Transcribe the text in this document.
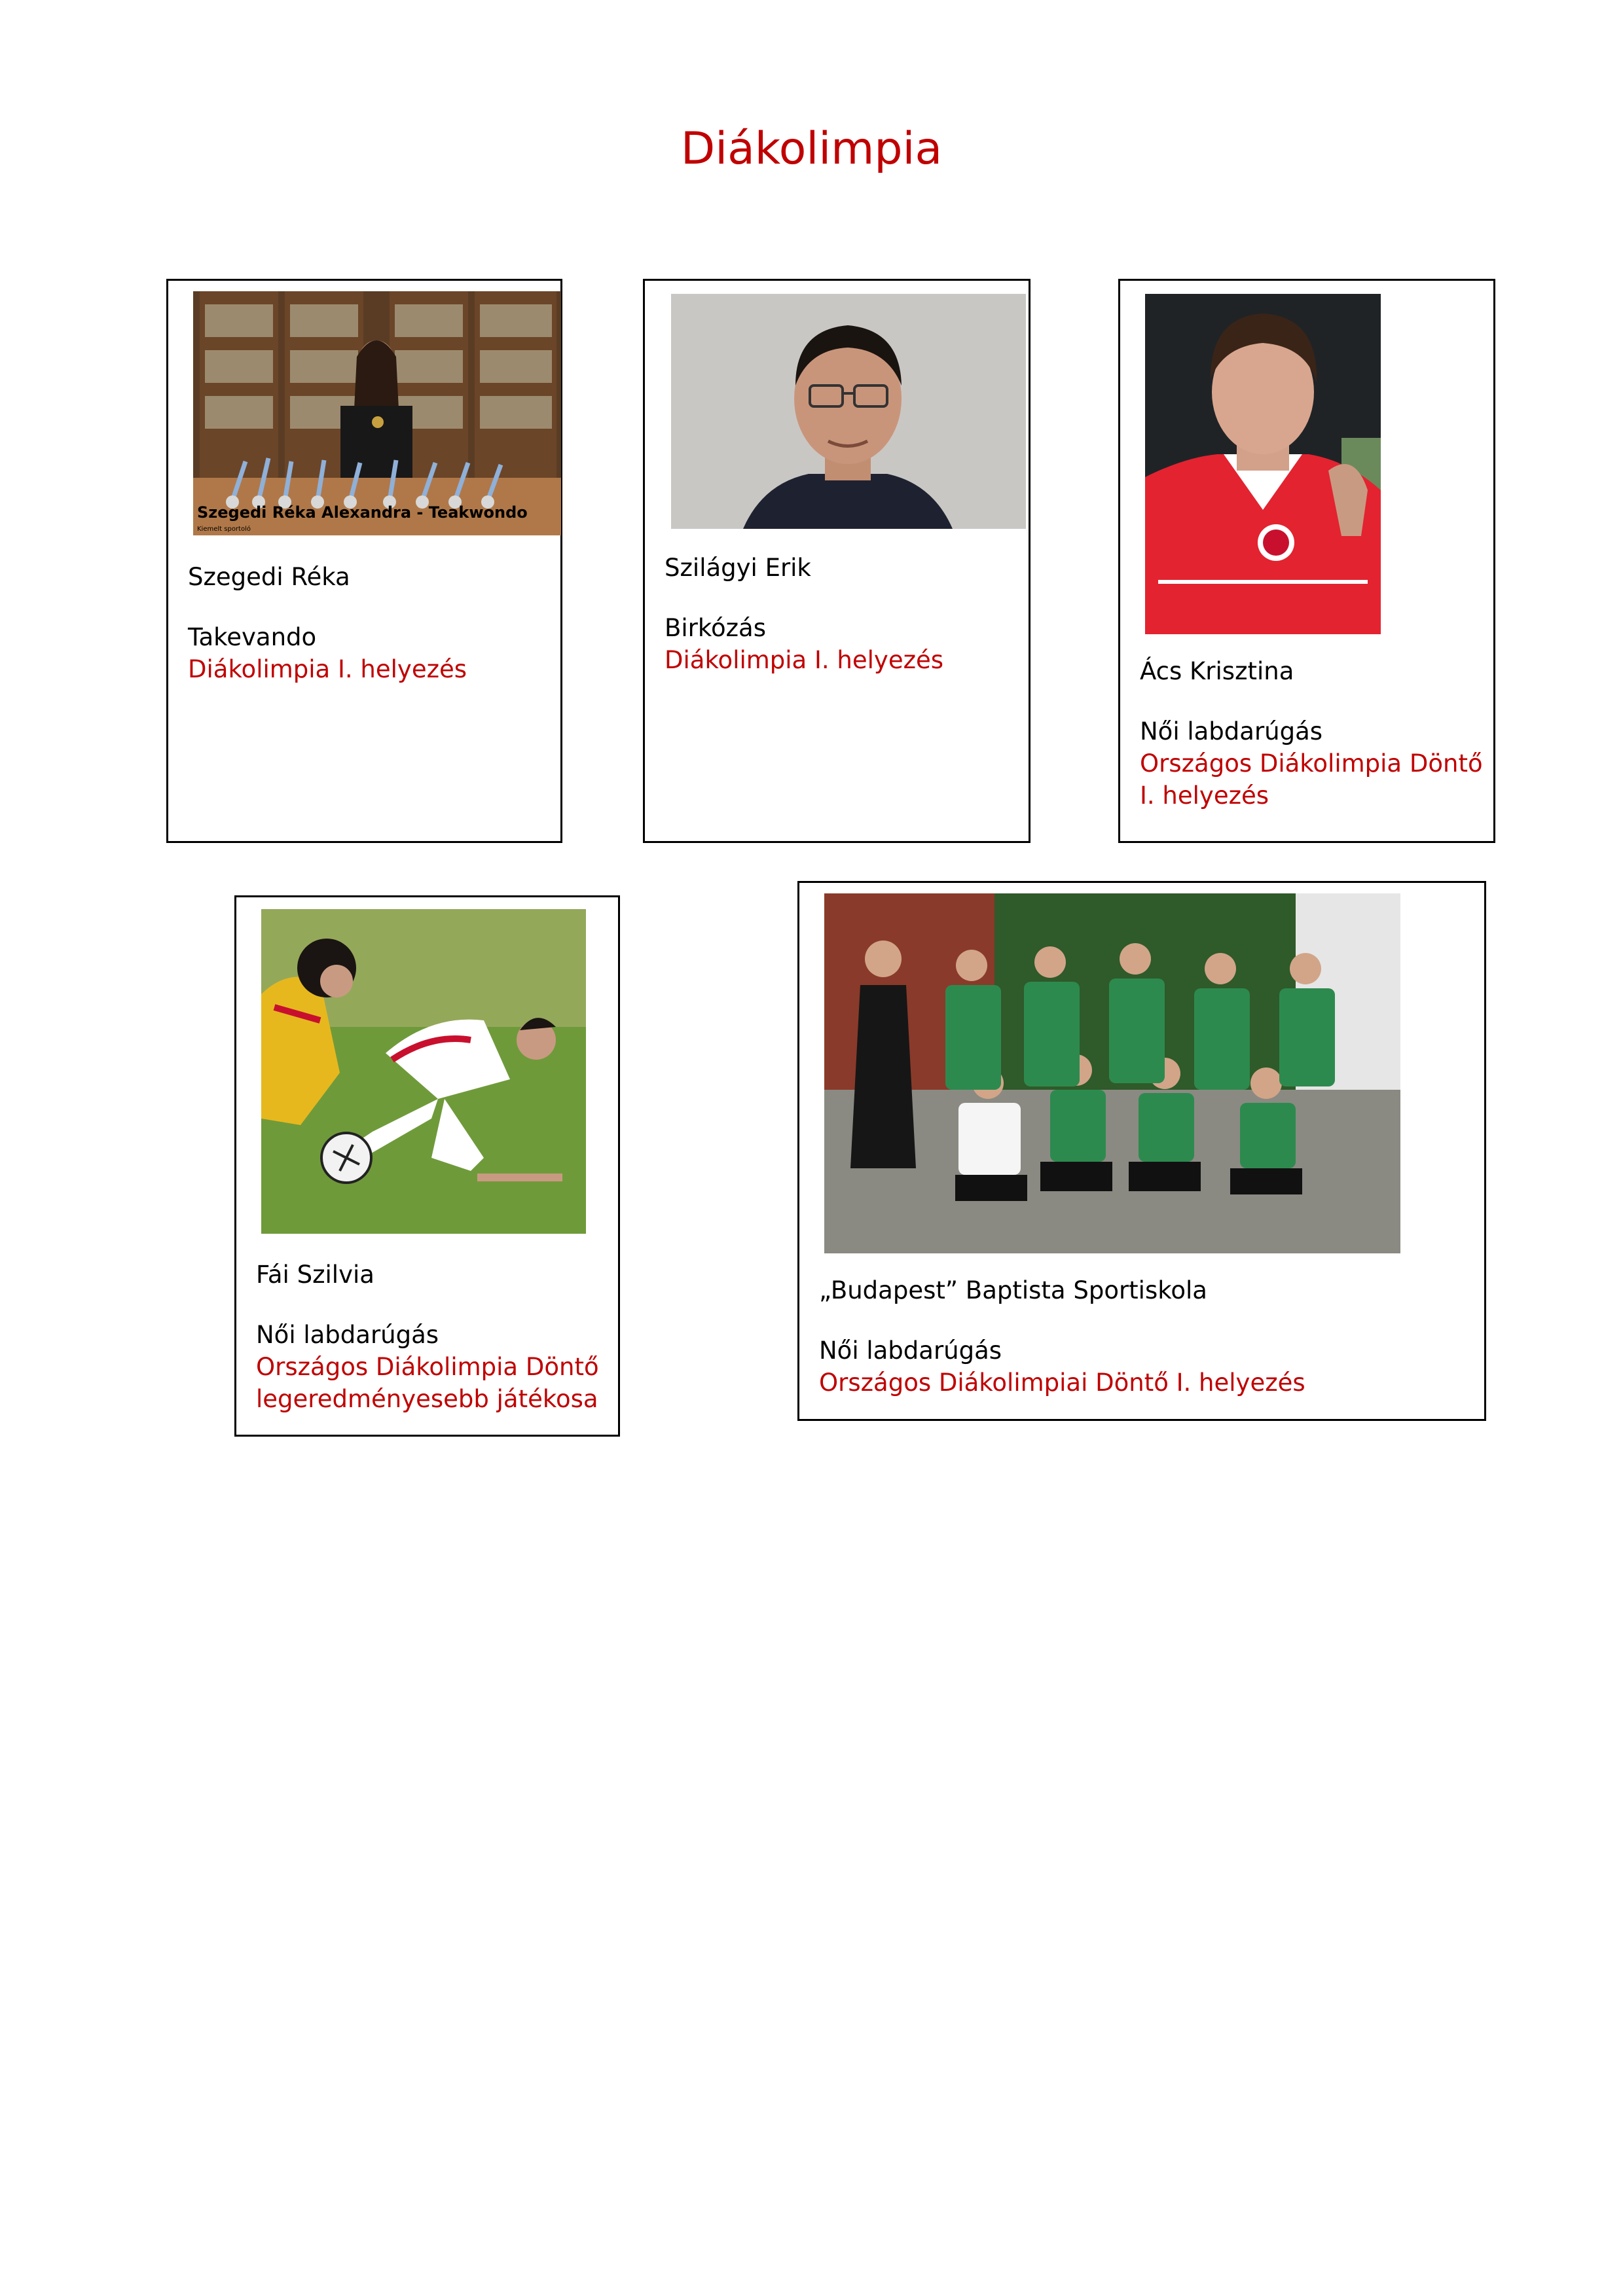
Diákolimpia
Szegedi Réka Alexandra - Teakwondo
Kiemelt sportoló
Szegedi Réka
Takevando
Diákolimpia I. helyezés
Szilágyi Erik
Birkózás
Diákolimpia I. helyezés	Ács Krisztina
Női labdarúgás
Országos Diákolimpia Döntő
I. helyezés
Fái Szilvia
Női labdarúgás
Országos Diákolimpia Döntő
legeredményesebb játékosa
„Budapest” Baptista Sportiskola
Női labdarúgás
Országos Diákolimpiai Döntő I. helyezés
